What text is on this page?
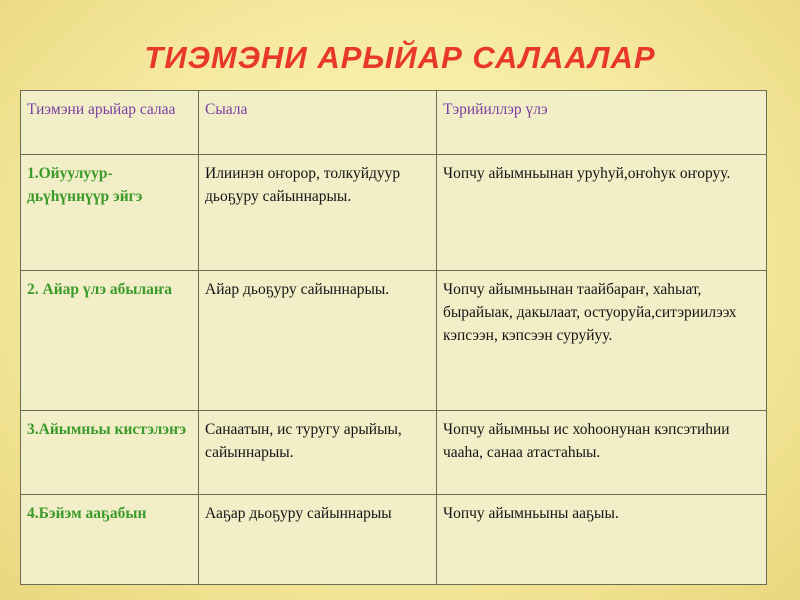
ТИЭМЭНИ АРЫЙАР САЛААЛАР
Тиэмэни арыйар салаа	Сыала	Тэрийиллэр үлэ
1.Ойуулуур-дьүһүннүүр эйгэ	Илиинэн оҥорор, толкуйдуур дьоҕуру сайыннарыы.	Чопчу айымньынан уруһуй,оҥоһук оҥоруу.
2. Айар үлэ абылаҥа	Айар дьоҕуру сайыннарыы.	Чопчу айымньынан таайбараҥ, хаһыат, бырайыак, дакылаат, остуоруйа,ситэриилээх кэпсээн, кэпсээн суруйуу.
3.Айымньы кистэлэҥэ	Санаатын, ис туругу арыйыы, сайыннарыы.	Чопчу айымньы ис хоһоонунан кэпсэтиһии чааһа, санаа атастаһыы.
4.Бэйэм ааҕабын	Ааҕар дьоҕуру сайыннарыы	Чопчу айымньыны ааҕыы.
